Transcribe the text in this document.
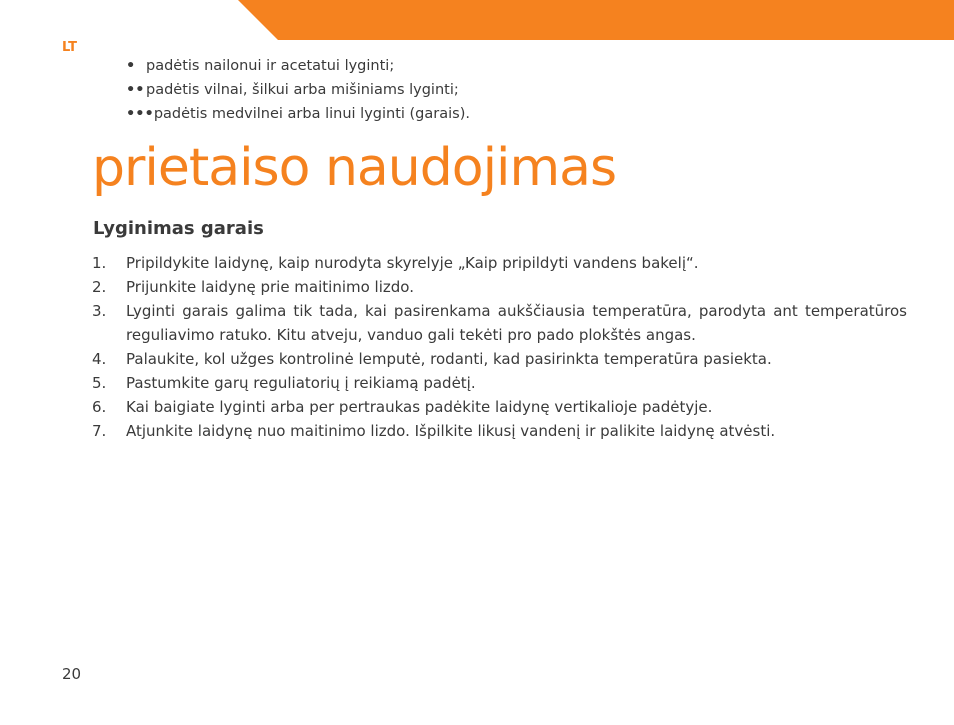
LT
• padėtis nailonui ir acetatui lyginti;
••padėtis vilnai, šilkui arba mišiniams lyginti;
•••padėtis medvilnei arba linui lyginti (garais).
prietaiso naudojimas
Lyginimas garais
1.	Pripildykite laidynę, kaip nurodyta skyrelyje „Kaip pripildyti vandens bakelį“.
2.	Prijunkite laidynę prie maitinimo lizdo.
3.	Lyginti garais galima tik tada, kai pasirenkama aukščiausia temperatūra, parodyta ant temperatūros reguliavimo ratuko. Kitu atveju, vanduo gali tekėti pro pado plokštės angas.
4.	Palaukite, kol užges kontrolinė lemputė, rodanti, kad pasirinkta temperatūra pasiekta.
5.	Pastumkite garų reguliatorių į reikiamą padėtį.
6.	Kai baigiate lyginti arba per pertraukas padėkite laidynę vertikalioje padėtyje.
7.	Atjunkite laidynę nuo maitinimo lizdo. Išpilkite likusį vandenį ir palikite laidynę atvėsti.
20
